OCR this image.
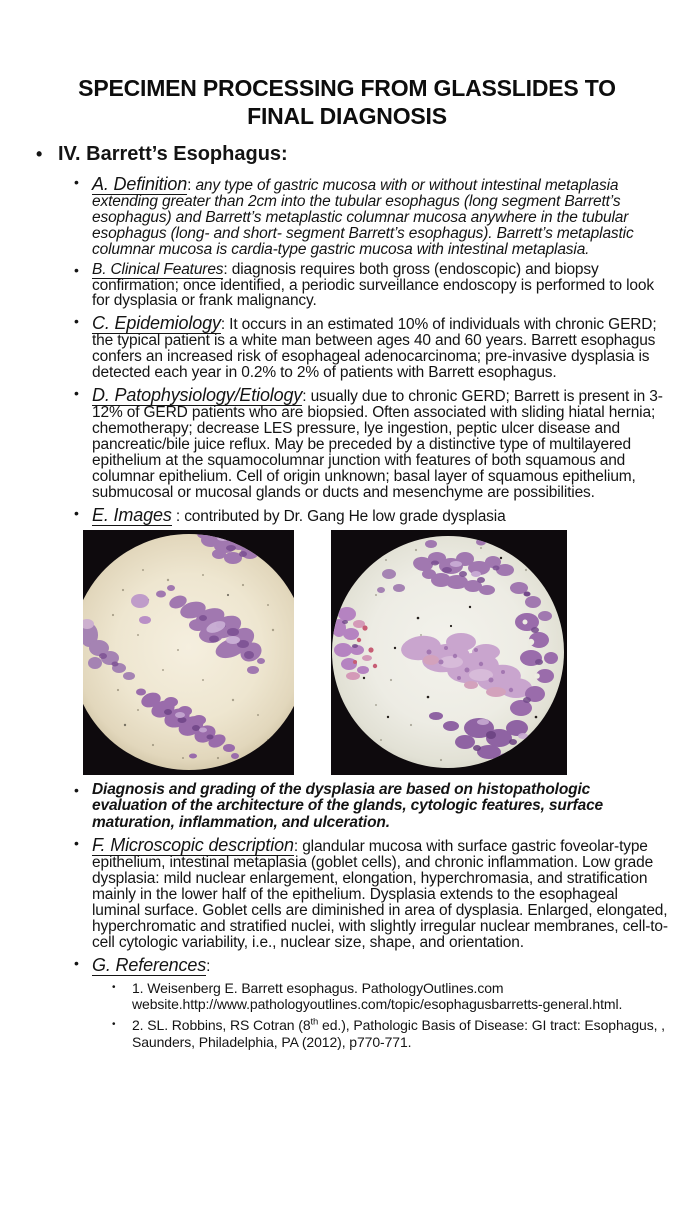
SPECIMEN PROCESSING FROM GLASSLIDES TO FINAL DIAGNOSIS
•
IV. Barrett’s Esophagus:
•
A. Definition: any type of gastric mucosa with or without intestinal metaplasia extending greater than 2cm into the tubular esophagus (long segment Barrett’s esophagus) and Barrett’s metaplastic columnar mucosa anywhere in the tubular esophagus (long- and short- segment Barrett’s esophagus). Barrett’s metaplastic columnar mucosa is cardia-type gastric mucosa with intestinal metaplasia.
•
B. Clinical Features: diagnosis requires both gross (endoscopic) and biopsy confirmation; once identified, a periodic surveillance endoscopy is performed to look for dysplasia or frank malignancy.
•
C. Epidemiology: It occurs in an estimated 10% of individuals with chronic GERD; the typical patient is a white man between ages 40 and 60 years. Barrett esophagus confers an increased risk of esophageal adenocarcinoma; pre-invasive dysplasia is detected each year in 0.2% to 2% of patients with Barrett esophagus.
•
D. Patophysiology/Etiology: usually due to chronic GERD; Barrett is present in 3-12% of GERD patients who are biopsied. Often associated with sliding hiatal hernia; chemotherapy; decrease LES pressure, lye ingestion, peptic ulcer disease and pancreatic/bile juice reflux. May be preceded by a distinctive type of multilayered epithelium at the squamocolumnar junction with features of both squamous and columnar epithelium. Cell of origin unknown; basal layer of squamous epithelium, submucosal or mucosal glands or ducts and mesenchyme are possibilities.
•
E. Images : contributed by Dr. Gang He low grade dysplasia
•
Diagnosis and grading of the dysplasia are based on histopathologic evaluation of the architecture of the glands, cytologic features, surface maturation, inflammation, and ulceration.
•
F. Microscopic description: glandular mucosa with surface gastric foveolar-type epithelium, intestinal metaplasia (goblet cells), and chronic inflammation. Low grade dysplasia: mild nuclear enlargement, elongation, hyperchromasia, and stratification mainly in the lower half of the epithelium. Dysplasia extends to the esophageal luminal surface. Goblet cells are diminished in area of dysplasia. Enlarged, elongated, hyperchromatic and stratified nuclei, with slightly irregular nuclear membranes, cell-to-cell cytologic variability, i.e., nuclear size, shape, and orientation.
•
G. References:
•
1. Weisenberg E. Barrett esophagus. PathologyOutlines.com website.http://www.pathologyoutlines.com/topic/esophagusbarretts-general.html.
•
2. SL. Robbins, RS Cotran (8th ed.), Pathologic Basis of Disease: GI tract: Esophagus, , Saunders, Philadelphia, PA (2012), p770-771.
